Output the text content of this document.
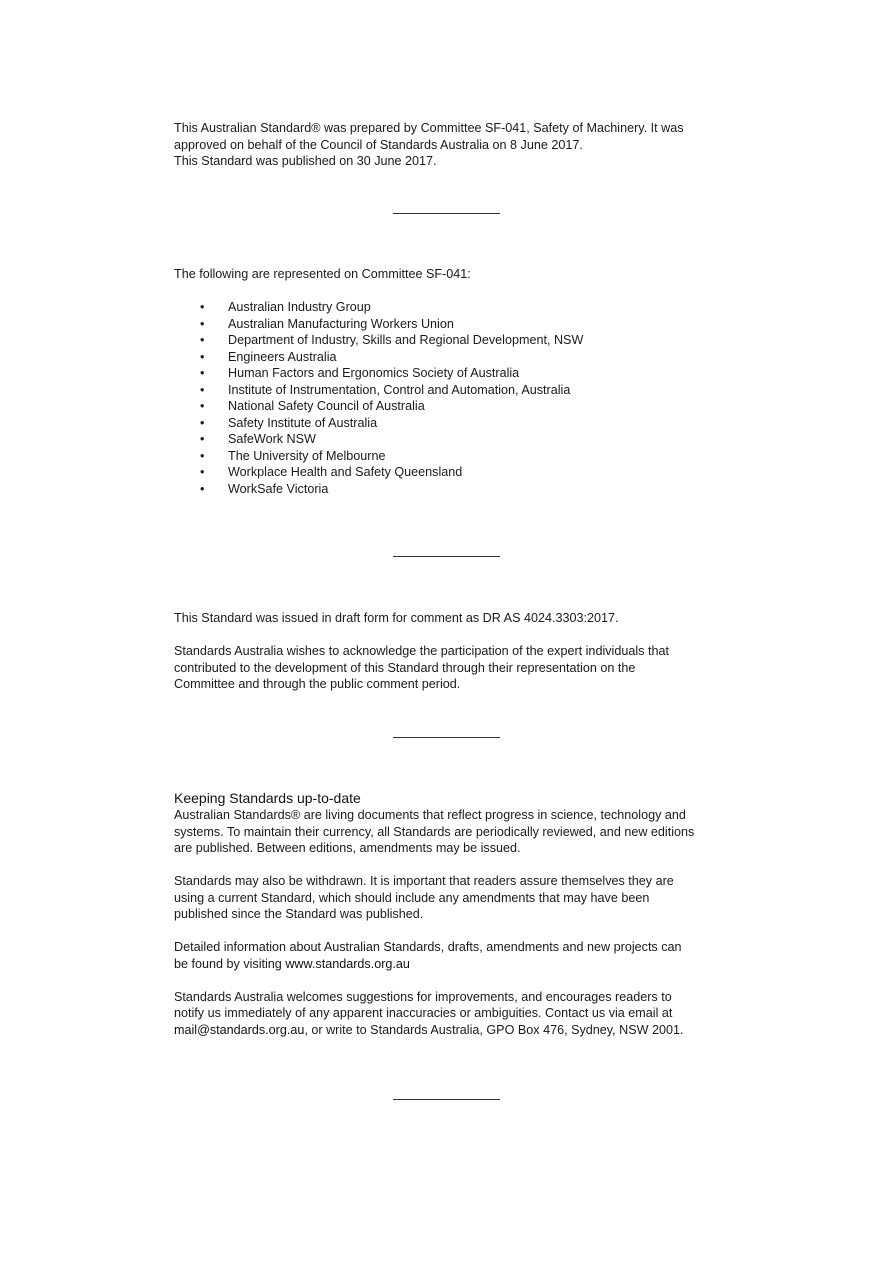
This Australian Standard® was prepared by Committee SF-041, Safety of Machinery. It was

approved on behalf of the Council of Standards Australia on 8 June 2017.

This Standard was published on 30 June 2017.

The following are represented on Committee SF-041:

• Australian Industry Group
• Australian Manufacturing Workers Union
• Department of Industry, Skills and Regional Development, NSW
• Engineers Australia
• Human Factors and Ergonomics Society of Australia
• Institute of Instrumentation, Control and Automation, Australia
• National Safety Council of Australia
• Safety Institute of Australia
• SafeWork NSW
• The University of Melbourne
• Workplace Health and Safety Queensland
• WorkSafe Victoria

This Standard was issued in draft form for comment as DR AS 4024.3303:2017.

Standards Australia wishes to acknowledge the participation of the expert individuals that

contributed to the development of this Standard through their representation on the

Committee and through the public comment period.

Keeping Standards up-to-date

Australian Standards® are living documents that reflect progress in science, technology and

systems. To maintain their currency, all Standards are periodically reviewed, and new editions

are published. Between editions, amendments may be issued.

Standards may also be withdrawn. It is important that readers assure themselves they are

using a current Standard, which should include any amendments that may have been

published since the Standard was published.

Detailed information about Australian Standards, drafts, amendments and new projects can

be found by visiting www.standards.org.au

Standards Australia welcomes suggestions for improvements, and encourages readers to

notify us immediately of any apparent inaccuracies or ambiguities. Contact us via email at

mail@standards.org.au, or write to Standards Australia, GPO Box 476, Sydney, NSW 2001.
